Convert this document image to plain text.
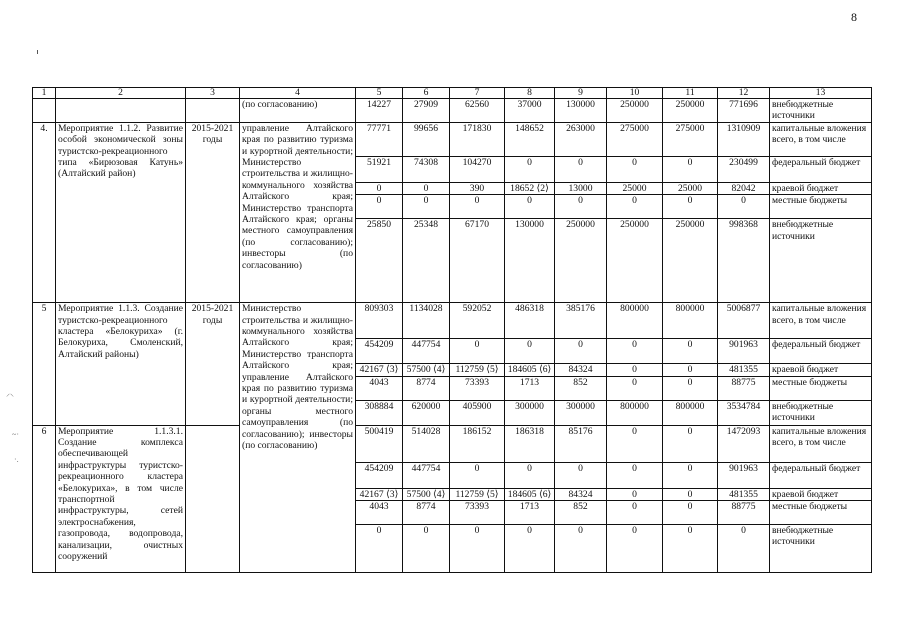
8
⸝⸜
~·
·.
1	2	3	4	5	6	7	8	9	10	11	12	13
			(по согласованию)	14227	27909	62560	37000	130000	250000	250000	771696	внебюджетные источники
4.	Мероприятие 1.1.2. Развитие особой экономической зоны туристско-рекреационного типа «Бирюзовая Катунь» (Алтайский район)	2015-2021 годы	управление Алтайского края по развитию туризма и курортной деятельности; Министерство строительства и жилищно-коммунального хозяйства Алтайского края; Министерство транспорта Алтайского края; органы местного самоуправления (по согласованию); инвесторы (по согласованию)	77771	99656	171830	148652	263000	275000	275000	1310909	капитальные вложения всего, в том числе
				51921	74308	104270	0	0	0	0	230499	федеральный бюджет
				0	0	390	18652 ⟨2⟩	13000	25000	25000	82042	краевой бюджет
				0	0	0	0	0	0	0	0	местные бюджеты
				25850	25348	67170	130000	250000	250000	250000	998368	внебюджетные источники
5	Мероприятие 1.1.3. Создание туристско-рекреационного кластера «Белокуриха» (г. Белокуриха, Смоленский, Алтайский районы)	2015-2021 годы	Министерство строительства и жилищно-коммунального хозяйства Алтайского края; Министерство транспорта Алтайского края; управление Алтайского края по развитию туризма и курортной деятельности; органы местного самоуправления (по согласованию); инвесторы (по согласованию)	809303	1134028	592052	486318	385176	800000	800000	5006877	капитальные вложения всего, в том числе
				454209	447754	0	0	0	0	0	901963	федеральный бюджет
				42167 ⟨3⟩	57500 ⟨4⟩	112759 ⟨5⟩	184605 ⟨6⟩	84324	0	0	481355	краевой бюджет
				4043	8774	73393	1713	852	0	0	88775	местные бюджеты
				308884	620000	405900	300000	300000	800000	800000	3534784	внебюджетные источники
6	Мероприятие 1.1.3.1. Создание комплекса обеспечивающей инфраструктуры туристско-рекреационного кластера «Белокуриха», в том числе транспортной инфраструктуры, сетей электроснабжения, газопровода, водопровода, канализации, очистных сооружений			500419	514028	186152	186318	85176	0	0	1472093	капитальные вложения всего, в том числе
				454209	447754	0	0	0	0	0	901963	федеральный бюджет
				42167 ⟨3⟩	57500 ⟨4⟩	112759 ⟨5⟩	184605 ⟨6⟩	84324	0	0	481355	краевой бюджет
				4043	8774	73393	1713	852	0	0	88775	местные бюджеты
				0	0	0	0	0	0	0	0	внебюджетные источники
